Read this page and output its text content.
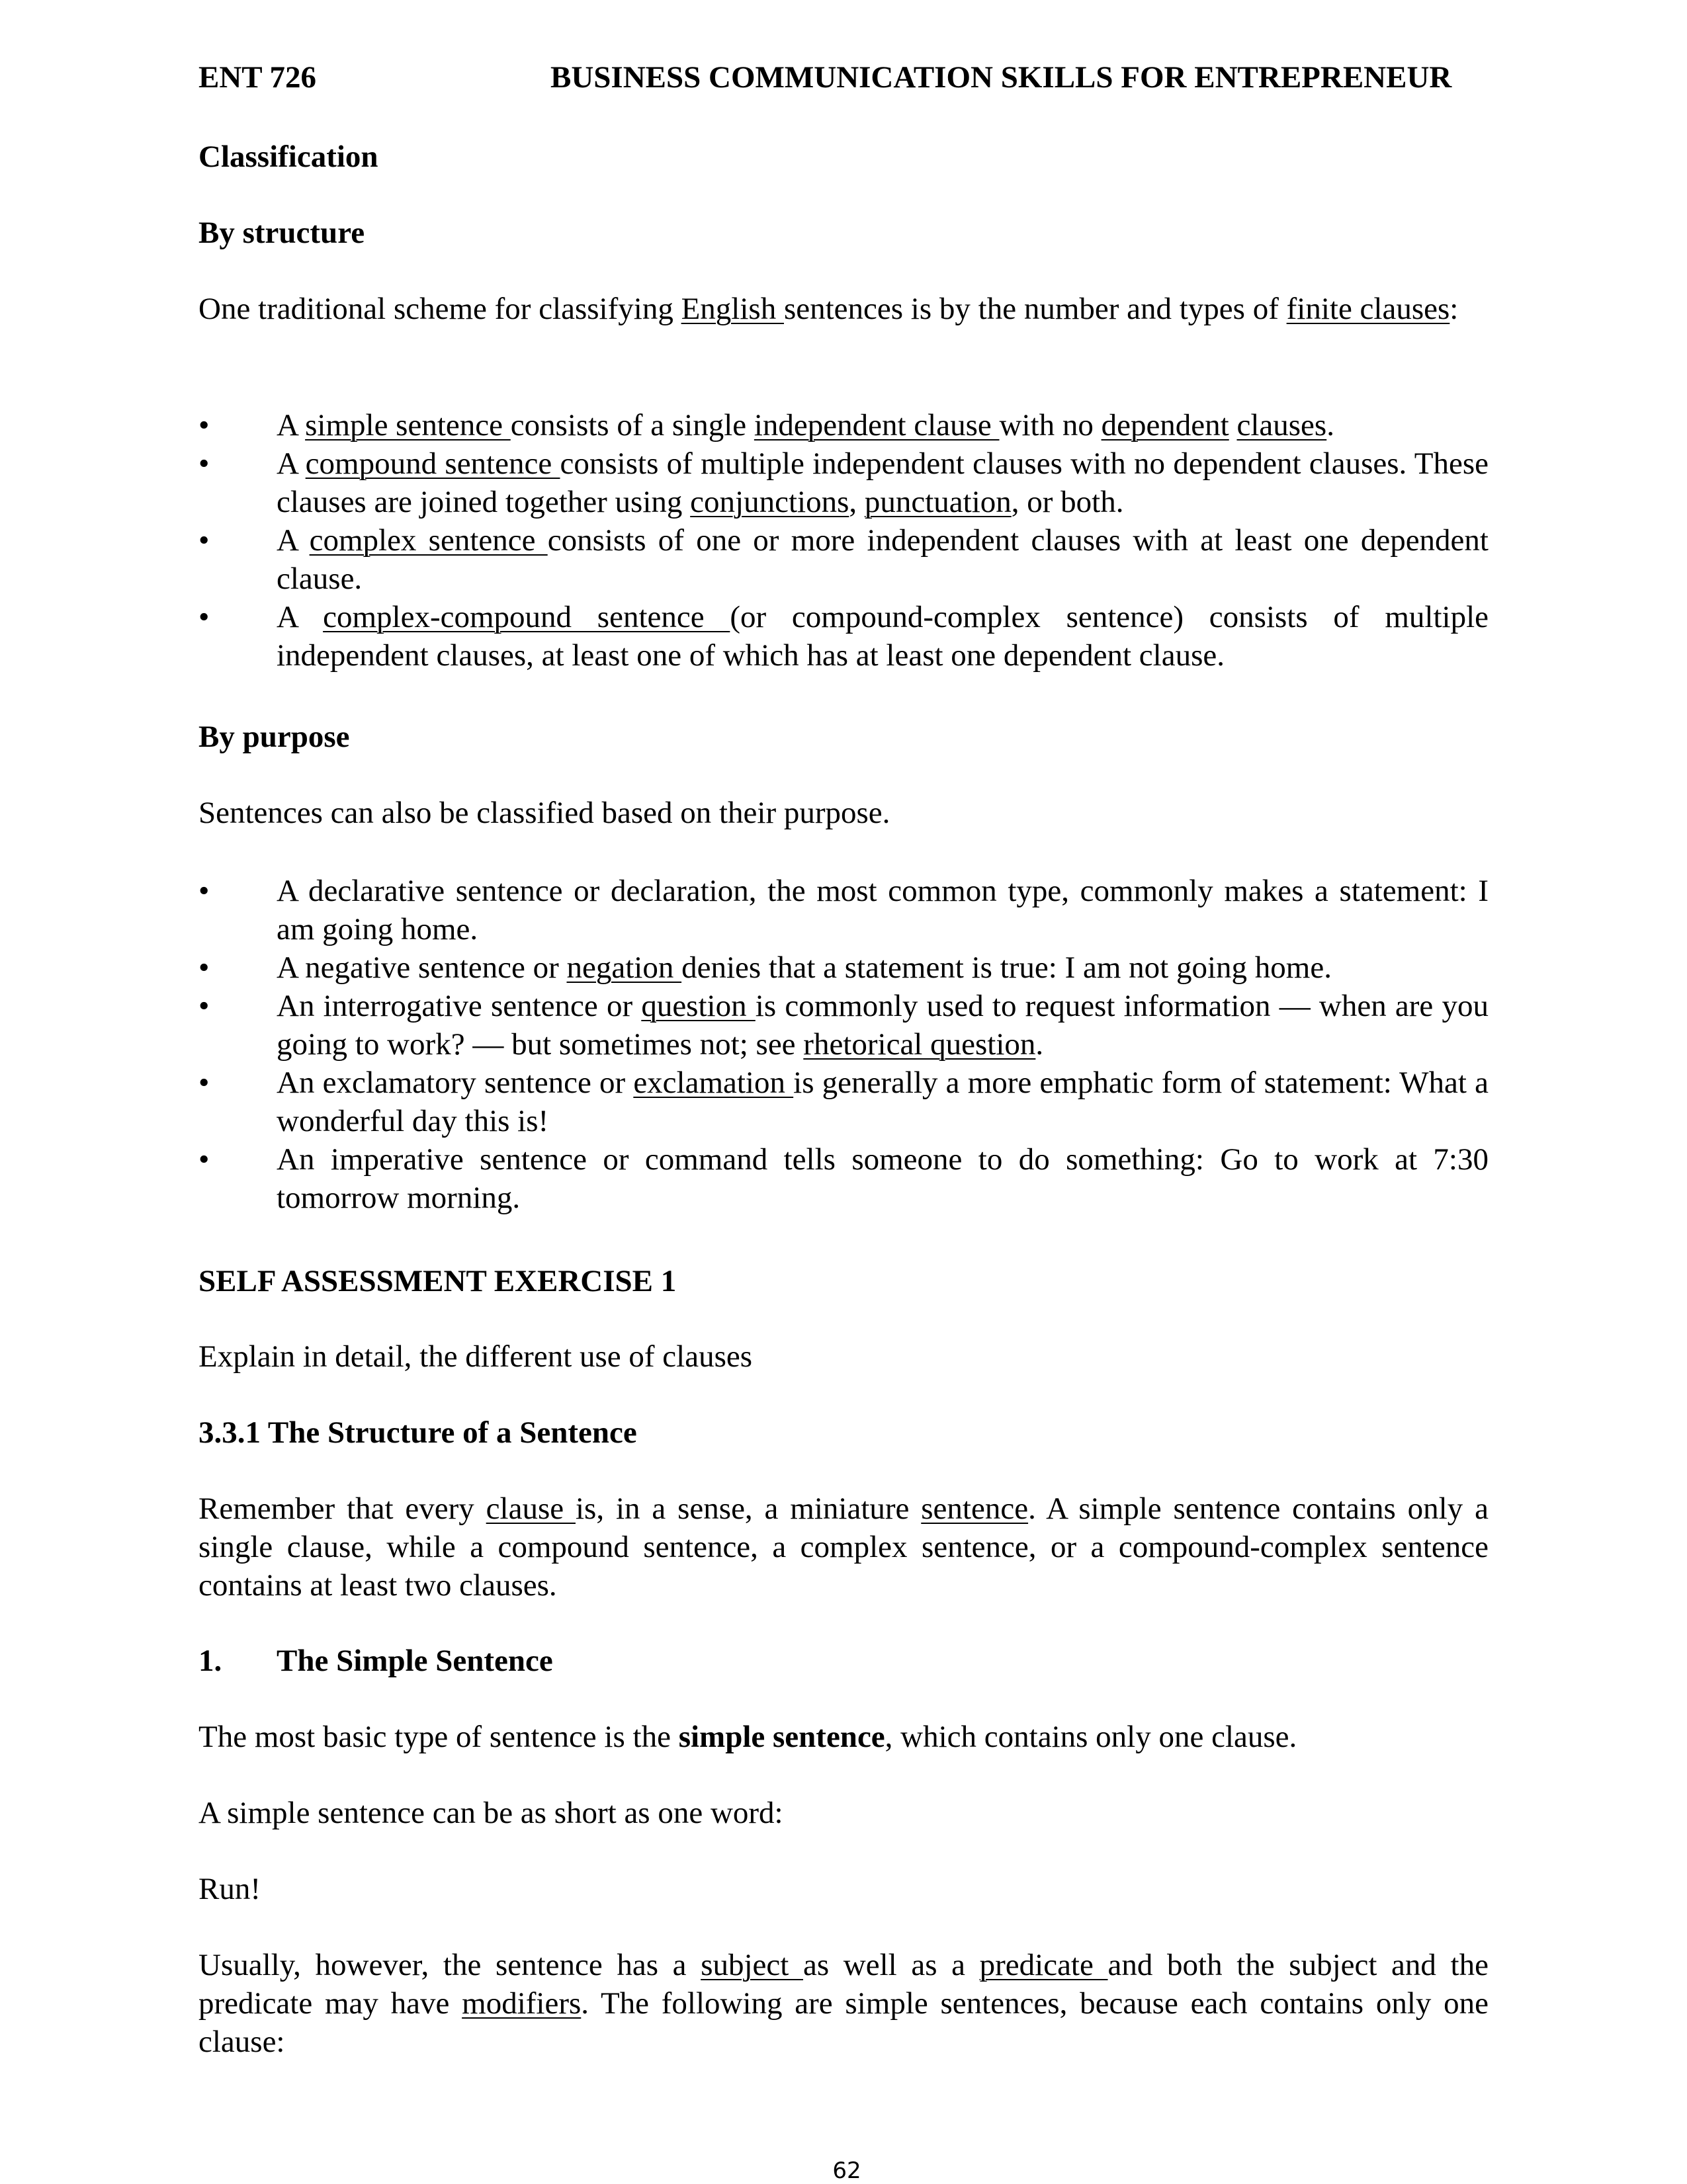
ENT 726	BUSINESS COMMUNICATION SKILLS FOR ENTREPRENEUR
Classification
By structure
One traditional scheme for classifying English sentences is by the number and types of finite clauses:
• A simple sentence consists of a single independent clause with no dependent clauses.
• A compound sentence consists of multiple independent clauses with no dependent clauses. These clauses are joined together using conjunctions, punctuation, or both.
• A complex sentence consists of one or more independent clauses with at least one dependent clause.
• A complex-compound sentence (or compound-complex sentence) consists of multiple independent clauses, at least one of which has at least one dependent clause.
By purpose
Sentences can also be classified based on their purpose.
• A declarative sentence or declaration, the most common type, commonly makes a statement: I am going home.
• A negative sentence or negation denies that a statement is true: I am not going home.
• An interrogative sentence or question is commonly used to request information — when are you going to work? — but sometimes not; see rhetorical question.
• An exclamatory sentence or exclamation is generally a more emphatic form of statement: What a wonderful day this is!
• An imperative sentence or command tells someone to do something: Go to work at 7:30 tomorrow morning.
SELF ASSESSMENT EXERCISE 1
Explain in detail, the different use of clauses
3.3.1 The Structure of a Sentence
Remember that every clause is, in a sense, a miniature sentence. A simple sentence contains only a single clause, while a compound sentence, a complex sentence, or a compound-complex sentence contains at least two clauses.
1. The Simple Sentence
The most basic type of sentence is the simple sentence, which contains only one clause.
A simple sentence can be as short as one word:
Run!
Usually, however, the sentence has a subject as well as a predicate and both the subject and the predicate may have modifiers. The following are simple sentences, because each contains only one clause:
62
